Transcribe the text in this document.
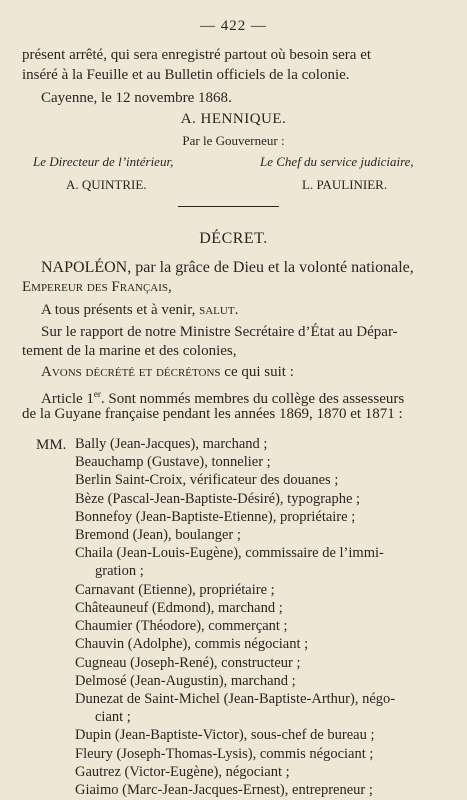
— 422 —
présent arrêté, qui sera enregistré partout où besoin sera et
inséré à la Feuille et au Bulletin officiels de la colonie.
Cayenne, le 12 novembre 1868.
A. HENNIQUE.
Par le Gouverneur :
Le Directeur de l’intérieur,	Le Chef du service judiciaire,
A. QUINTRIE.	L. PAULINIER.
DÉCRET.
NAPOLÉON, par la grâce de Dieu et la volonté nationale,
Empereur des Français,
A tous présents et à venir, salut.
Sur le rapport de notre Ministre Secrétaire d’État au Dépar-
tement de la marine et des colonies,
Avons décrété et décrétons ce qui suit :
Article 1er. Sont nommés membres du collège des assesseurs
de la Guyane française pendant les années 1869, 1870 et 1871 :
MM. Bally (Jean-Jacques), marchand ;
Beauchamp (Gustave), tonnelier ;
Berlin Saint-Croix, vérificateur des douanes ;
Bèze (Pascal-Jean-Baptiste-Désiré), typographe ;
Bonnefoy (Jean-Baptiste-Etienne), propriétaire ;
Bremond (Jean), boulanger ;
Chaila (Jean-Louis-Eugène), commissaire de l’immi-
gration ;
Carnavant (Etienne), propriétaire ;
Châteauneuf (Edmond), marchand ;
Chaumier (Théodore), commerçant ;
Chauvin (Adolphe), commis négociant ;
Cugneau (Joseph-René), constructeur ;
Delmosé (Jean-Augustin), marchand ;
Dunezat de Saint-Michel (Jean-Baptiste-Arthur), négo-
ciant ;
Dupin (Jean-Baptiste-Victor), sous-chef de bureau ;
Fleury (Joseph-Thomas-Lysis), commis négociant ;
Gautrez (Victor-Eugène), négociant ;
Giaimo (Marc-Jean-Jacques-Ernest), entrepreneur ;
